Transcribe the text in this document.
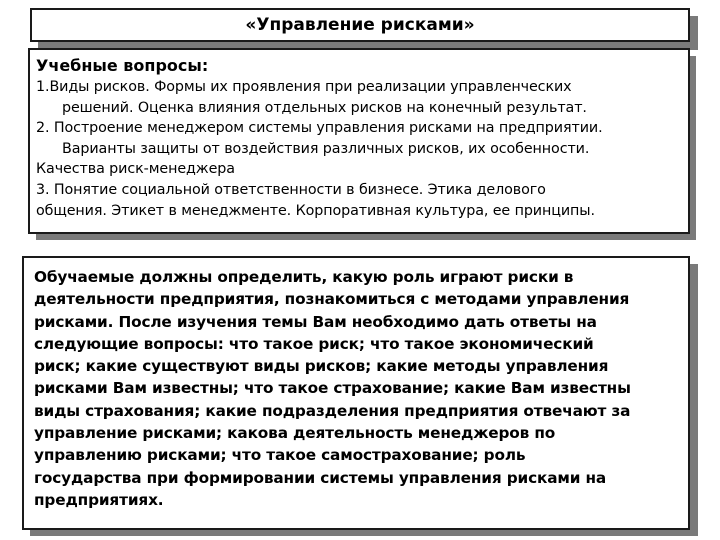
«Управление рисками»
Учебные вопросы:
1.Виды рисков. Формы их проявления при реализации управленческих
решений. Оценка влияния отдельных рисков на конечный результат.
2. Построение менеджером системы управления рисками на предприятии.
Варианты защиты от воздействия различных рисков, их особенности.
Качества риск-менеджера
3. Понятие социальной ответственности в бизнесе. Этика делового
общения. Этикет в менеджменте. Корпоративная культура, ее принципы.

Обучаемые должны определить, какую роль играют риски в

деятельности предприятия, познакомиться с методами управления

рисками. После изучения темы Вам необходимо дать ответы на

следующие вопросы: что такое риск; что такое экономический

риск; какие существуют виды рисков; какие методы управления

рисками Вам известны; что такое страхование; какие Вам известны

виды страхования; какие подразделения предприятия отвечают за

управление рисками; какова деятельность менеджеров по

управлению рисками; что такое самострахование; роль

государства при формировании системы управления рисками на

предприятиях.
